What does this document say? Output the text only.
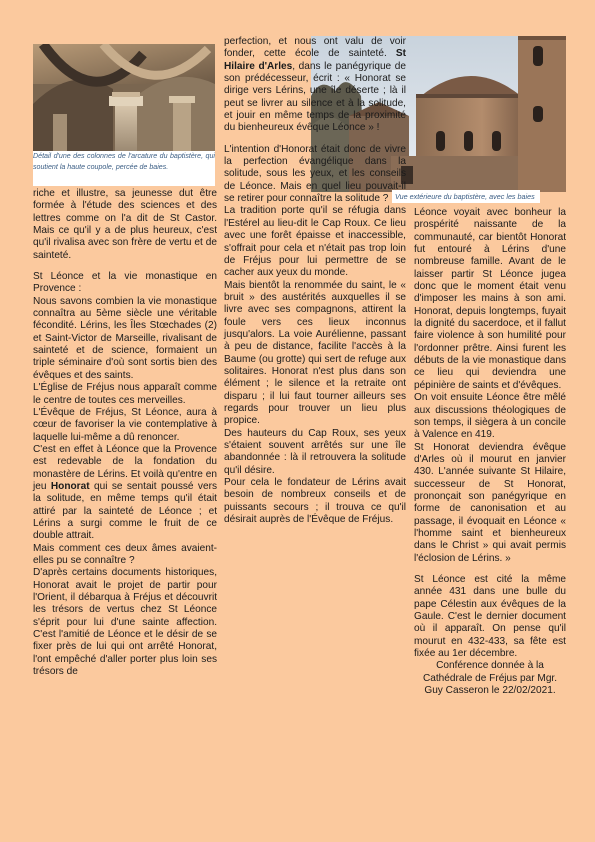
Détail d'une des colonnes de l'arcature du baptistère, qui soutient la haute coupole, percée de baies.
Vue extérieure du baptistère, avec les baies

riche et illustre, sa jeunesse dut être formée à l'étude des sciences et des lettres comme on l'a dit de St Castor. Mais ce qu'il y a de plus heureux, c'est qu'il rivalisa avec son frère de vertu et de sainteté.

St Léonce et la vie monastique en Provence :

Nous savons combien la vie monastique connaîtra au 5ème siècle une véritable fécondité. Lérins, les Îles Stœchades (2) et Saint-Victor de Marseille, rivalisant de sainteté et de science, formaient un triple séminaire d'où sont sortis bien des évêques et des saints.

L'Église de Fréjus nous apparaît comme le centre de toutes ces merveilles.

L'Évêque de Fréjus, St Léonce, aura à cœur de favoriser la vie contemplative à laquelle lui-même a dû renoncer.

C'est en effet à Léonce que la Provence est redevable de la fondation du monastère de Lérins. Et voilà qu'entre en jeu Honorat qui se sentait poussé vers la solitude, en même temps qu'il était attiré par la sainteté de Léonce ; et Lérins a surgi comme le fruit de ce double attrait.

Mais comment ces deux âmes avaient-elles pu se connaître ?

D'après certains documents historiques, Honorat avait le projet de partir pour l'Orient, il débarqua à Fréjus et découvrit les trésors de vertus chez St Léonce s'éprit pour lui d'une sainte affection. C'est l'amitié de Léonce et le désir de se fixer près de lui qui ont arrêté Honorat, l'ont empêché d'aller porter plus loin ses trésors de

perfection, et nous ont valu de voir fonder, cette école de sainteté. St Hilaire d'Arles, dans le panégyrique de son prédécesseur, écrit : « Honorat se dirige vers Lérins, une île déserte ; là il peut se livrer au silence et à la solitude, et jouir en même temps de la proximité du bienheureux évêque Léonce » !

L'intention d'Honorat était donc de vivre la perfection évangélique dans la solitude, sous les yeux, et les conseils de Léonce. Mais en quel lieu pouvait-il se retirer pour connaître la solitude ?

La tradition porte qu'il se réfugia dans l'Estérel au lieu-dit le Cap Roux. Ce lieu avec une forêt épaisse et inaccessible, s'offrait pour cela et n'était pas trop loin de Fréjus pour lui permettre de se cacher aux yeux du monde.

Mais bientôt la renommée du saint, le « bruit » des austérités auxquelles il se livre avec ses compagnons, attirent la foule vers ces lieux inconnus jusqu'alors. La voie Aurélienne, passant à peu de distance, facilite l'accès à la Baume (ou grotte) qui sert de refuge aux solitaires. Honorat n'est plus dans son élément ; le silence et la retraite ont disparu ; il lui faut tourner ailleurs ses regards pour trouver un lieu plus propice.

Des hauteurs du Cap Roux, ses yeux s'étaient souvent arrêtés sur une île abandonnée : là il retrouvera la solitude qu'il désire.

Pour cela le fondateur de Lérins avait besoin de nombreux conseils et de puissants secours ; il trouva ce qu'il désirait auprès de l'Évêque de Fréjus.

Léonce voyait avec bonheur la prospérité naissante de la communauté, car bientôt Honorat fut entouré à Lérins d'une nombreuse famille. Avant de le laisser partir St Léonce jugea donc que le moment était venu d'imposer les mains à son ami. Honorat, depuis longtemps, fuyait la dignité du sacerdoce, et il fallut faire violence à son humilité pour l'ordonner prêtre. Ainsi furent les débuts de la vie monastique dans ce lieu qui deviendra une pépinière de saints et d'évêques.

On voit ensuite Léonce être mêlé aux discussions théologiques de son temps, il siègera à un concile à Valence en 419.

St Honorat deviendra évêque d'Arles où il mourut en janvier 430. L'année suivante St Hilaire, successeur de St Honorat, prononçait son panégyrique en forme de canonisation et au passage, il évoquait en Léonce « l'homme saint et bienheureux dans le Christ » qui avait permis l'éclosion de Lérins. »

St Léonce est cité la même année 431 dans une bulle du pape Célestin aux évêques de la Gaule. C'est le dernier document où il apparaît. On pense qu'il mourut en 432-433, sa fête est fixée au 1er décembre.

Conférence donnée à la Cathédrale de Fréjus par Mgr. Guy Casseron le 22/02/2021.
